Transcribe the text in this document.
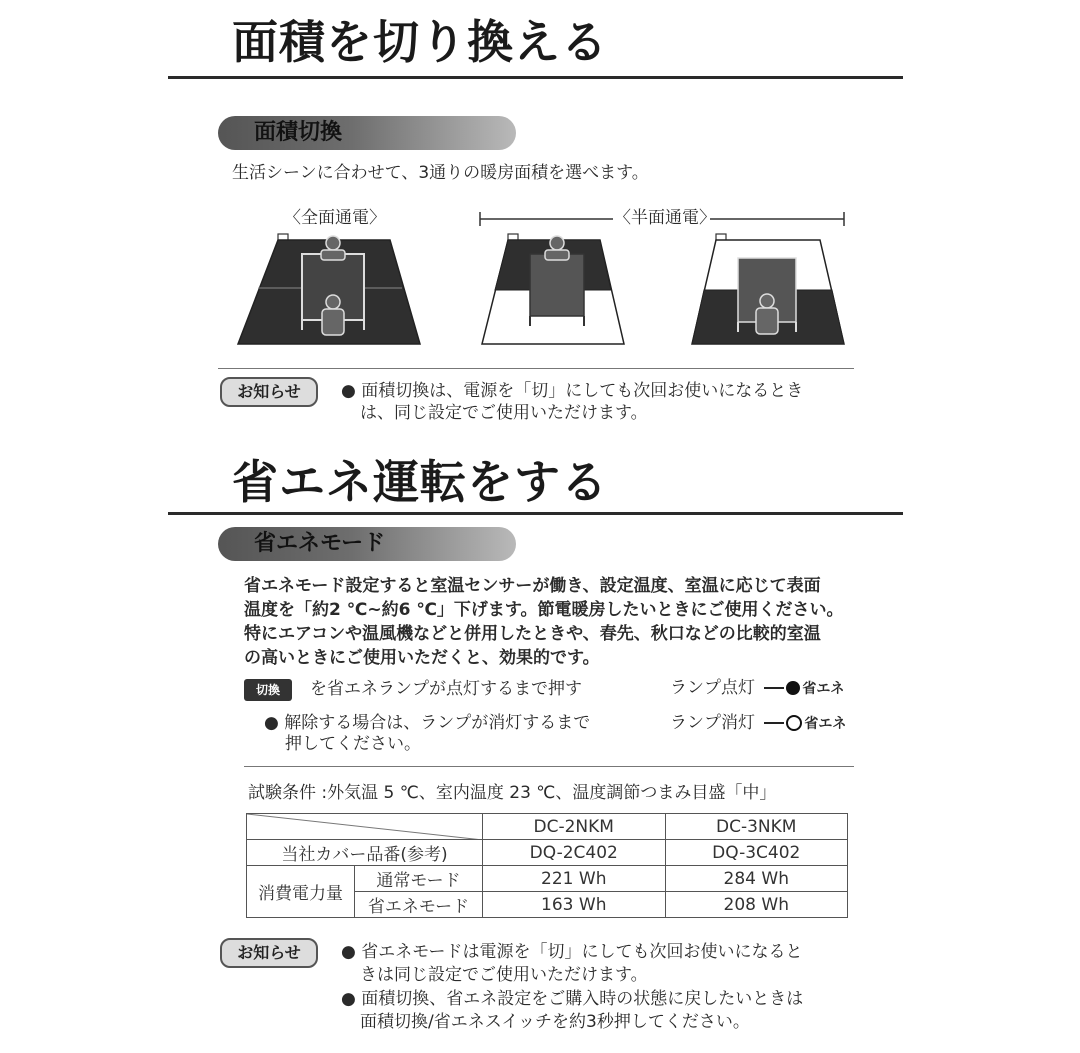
面積を切り換える
面積切換
生活シーンに合わせて、3通りの暖房面積を選べます。
〈全面通電〉	〈半面通電〉
お知らせ	● 面積切換は、電源を「切」にしても次回お使いになるとき
は、同じ設定でご使用いただけます。
省エネ運転をする
省エネモード
省エネモード設定すると室温センサーが働き、設定温度、室温に応じて表面
温度を「約2 ℃~約6 ℃」下げます。節電暖房したいときにご使用ください。
特にエアコンや温風機などと併用したときや、春先、秋口などの比較的室温
の高いときにご使用いただくと、効果的です。
切換	を省エネランプが点灯するまで押す
● 解除する場合は、ランプが消灯するまで
押してください。
ランプ点灯	省エネ
ランプ消灯	省エネ
試験条件 :外気温 5 ℃、室内温度 23 ℃、温度調節つまみ目盛「中」
	DC-2NKM	DC-3NKM
当社カバー品番(参考)		DQ-2C402	DQ-3C402
消費電力量	通常モード	221 Wh	284 Wh
	省エネモード	163 Wh	208 Wh
お知らせ	● 省エネモードは電源を「切」にしても次回お使いになると
きは同じ設定でご使用いただけます。
● 面積切換、省エネ設定をご購入時の状態に戻したいときは
面積切換/省エネスイッチを約3秒押してください。
